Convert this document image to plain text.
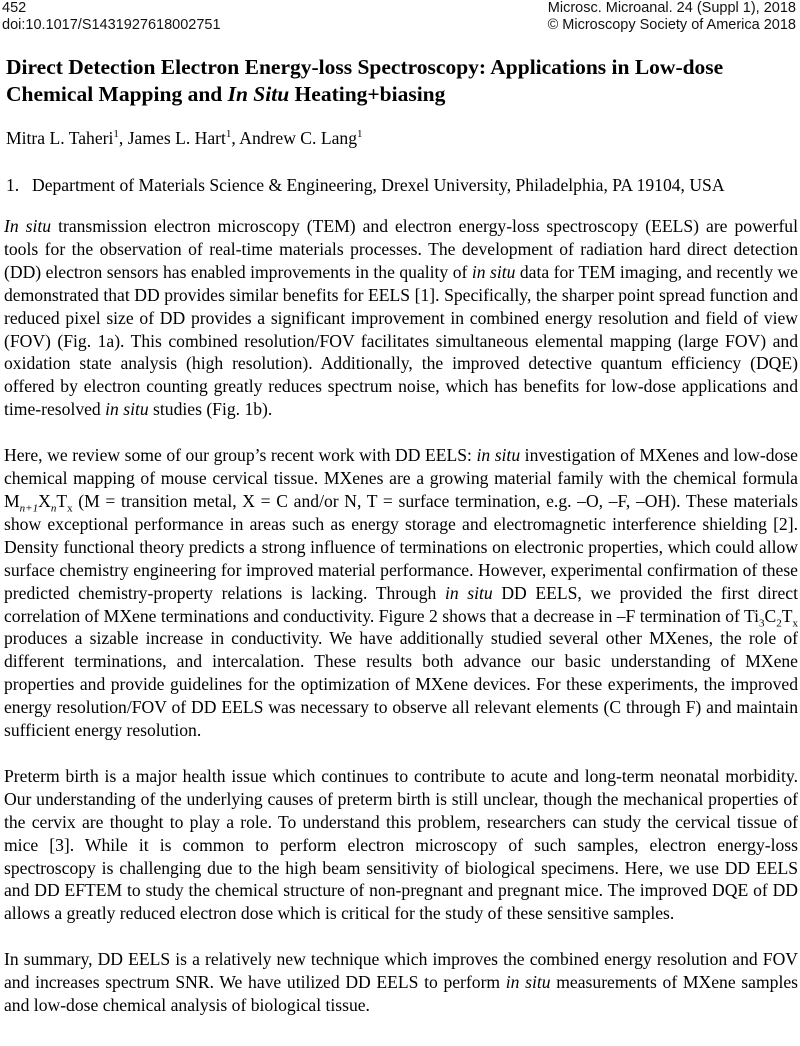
452
doi:10.1017/S1431927618002751
Microsc. Microanal. 24 (Suppl 1), 2018
© Microscopy Society of America 2018
Direct Detection Electron Energy-loss Spectroscopy: Applications in Low-dose Chemical Mapping and In Situ Heating+biasing
Mitra L. Taheri$^1$, James L. Hart$^1$, Andrew C. Lang$^1$
1. Department of Materials Science & Engineering, Drexel University, Philadelphia, PA 19104, USA

In situ transmission electron microscopy (TEM) and electron energy-loss spectroscopy (EELS) are powerful tools for the observation of real-time materials processes. The development of radiation hard direct detection (DD) electron sensors has enabled improvements in the quality of in situ data for TEM imaging, and recently we demonstrated that DD provides similar benefits for EELS [1]. Specifically, the sharper point spread function and reduced pixel size of DD provides a significant improvement in combined energy resolution and field of view (FOV) (Fig. 1a). This combined resolution/FOV facilitates simultaneous elemental mapping (large FOV) and oxidation state analysis (high resolution). Additionally, the improved detective quantum efficiency (DQE) offered by electron counting greatly reduces spectrum noise, which has benefits for low-dose applications and time-resolved in situ studies (Fig. 1b).

Here, we review some of our group’s recent work with DD EELS: in situ investigation of MXenes and low-dose chemical mapping of mouse cervical tissue. MXenes are a growing material family with the chemical formula $M_{n+1}X_nT_x$ (M = transition metal, X = C and/or N, T = surface termination, e.g. –O, –F, –OH). These materials show exceptional performance in areas such as energy storage and electromagnetic interference shielding [2]. Density functional theory predicts a strong influence of terminations on electronic properties, which could allow surface chemistry engineering for improved material performance. However, experimental confirmation of these predicted chemistry-property relations is lacking. Through in situ DD EELS, we provided the first direct correlation of MXene terminations and conductivity. Figure 2 shows that a decrease in –F termination of $Ti_3C_2T_x$ produces a sizable increase in conductivity. We have additionally studied several other MXenes, the role of different terminations, and intercalation. These results both advance our basic understanding of MXene properties and provide guidelines for the optimization of MXene devices. For these experiments, the improved energy resolution/FOV of DD EELS was necessary to observe all relevant elements (C through F) and maintain sufficient energy resolution.

Preterm birth is a major health issue which continues to contribute to acute and long-term neonatal morbidity. Our understanding of the underlying causes of preterm birth is still unclear, though the mechanical properties of the cervix are thought to play a role. To understand this problem, researchers can study the cervical tissue of mice [3]. While it is common to perform electron microscopy of such samples, electron energy-loss spectroscopy is challenging due to the high beam sensitivity of biological specimens. Here, we use DD EELS and DD EFTEM to study the chemical structure of non-pregnant and pregnant mice. The improved DQE of DD allows a greatly reduced electron dose which is critical for the study of these sensitive samples.

In summary, DD EELS is a relatively new technique which improves the combined energy resolution and FOV and increases spectrum SNR. We have utilized DD EELS to perform in situ measurements of MXene samples and low-dose chemical analysis of biological tissue.
